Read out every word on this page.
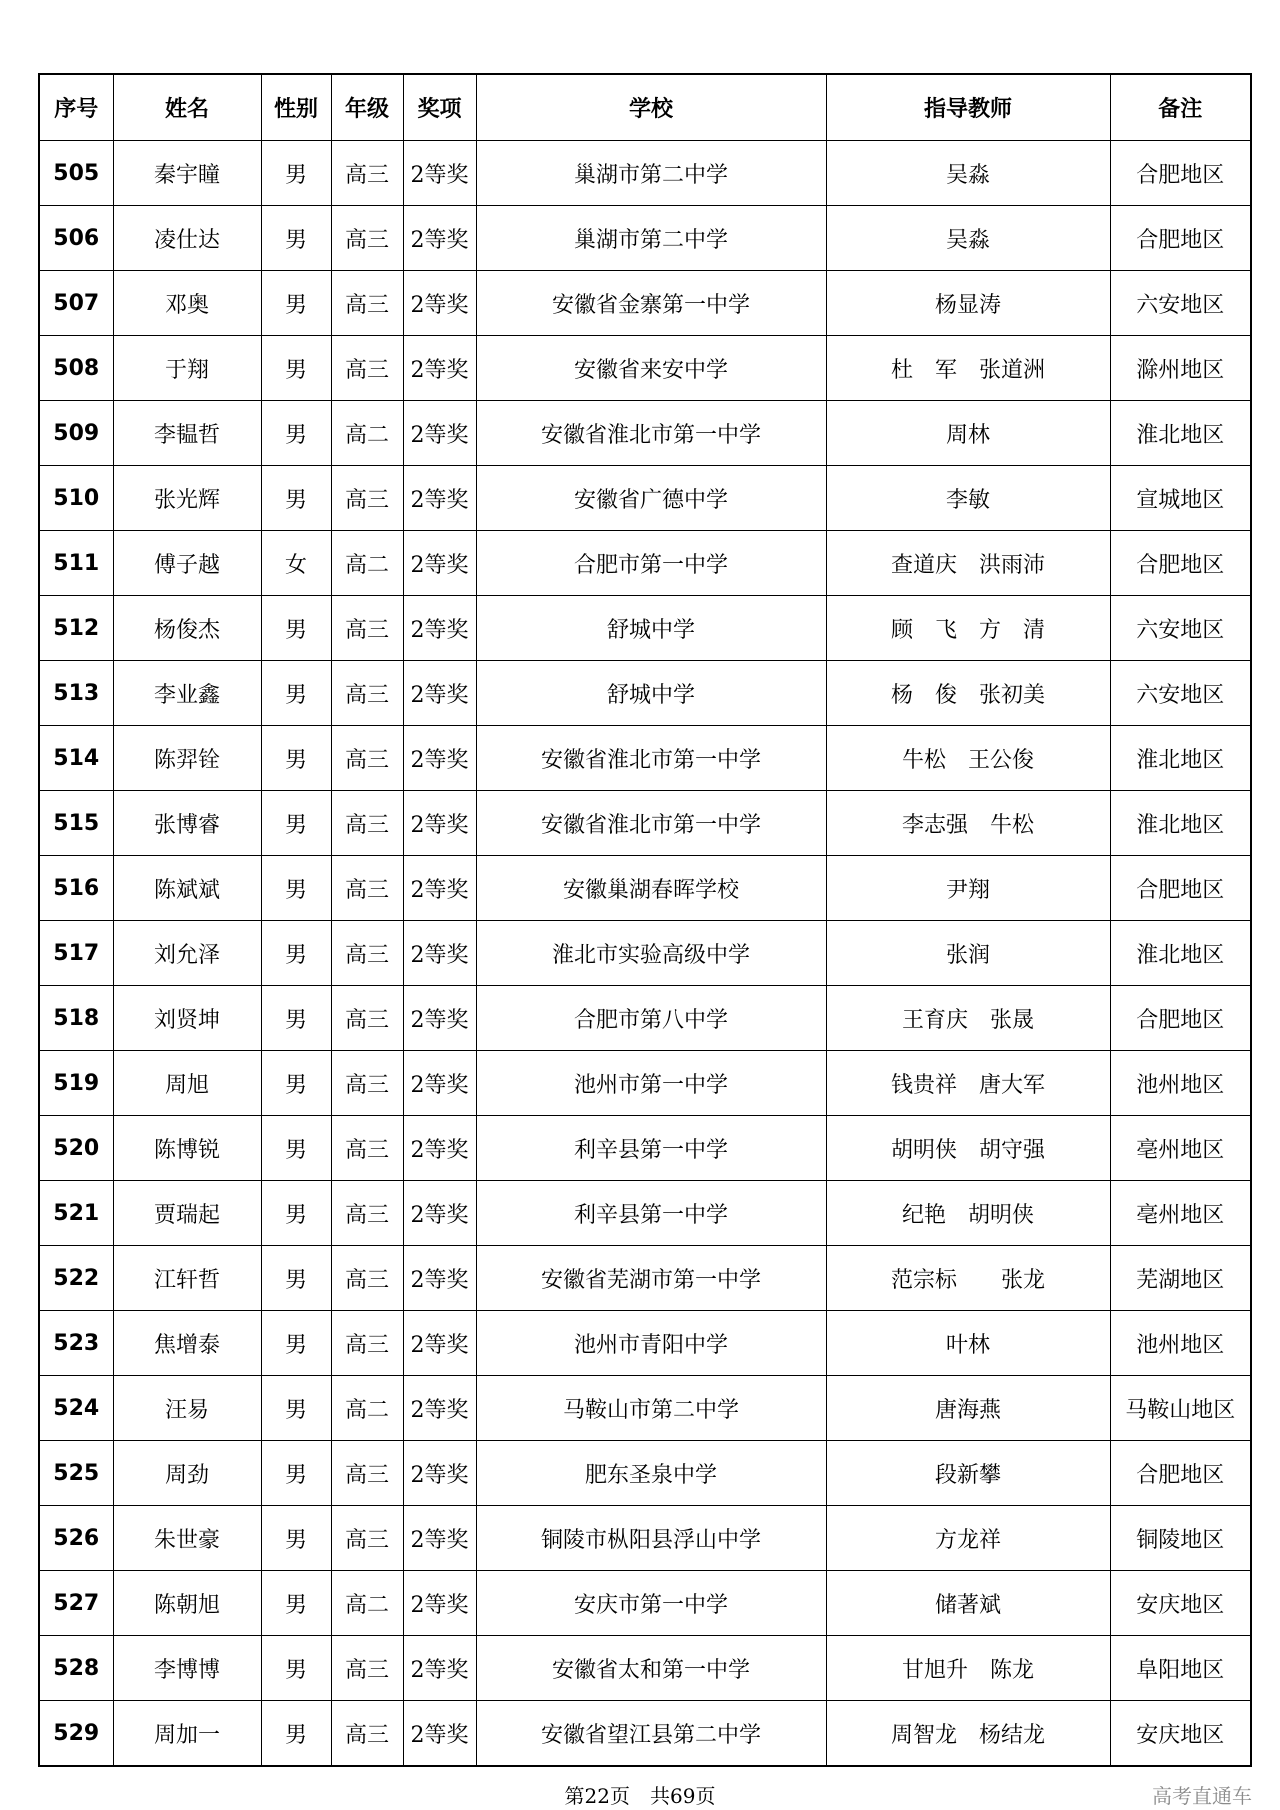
序号	姓名	性别	年级	奖项	学校	指导教师	备注
505	秦宇瞳	男	高三	2等奖	巢湖市第二中学	吴淼	合肥地区
506	凌仕达	男	高三	2等奖	巢湖市第二中学	吴淼	合肥地区
507	邓奥	男	高三	2等奖	安徽省金寨第一中学	杨显涛	六安地区
508	于翔	男	高三	2等奖	安徽省来安中学	杜　军　张道洲	滁州地区
509	李韫哲	男	高二	2等奖	安徽省淮北市第一中学	周林	淮北地区
510	张光辉	男	高三	2等奖	安徽省广德中学	李敏	宣城地区
511	傅子越	女	高二	2等奖	合肥市第一中学	查道庆　洪雨沛	合肥地区
512	杨俊杰	男	高三	2等奖	舒城中学	顾　飞　方　清	六安地区
513	李业鑫	男	高三	2等奖	舒城中学	杨　俊　张初美	六安地区
514	陈羿铨	男	高三	2等奖	安徽省淮北市第一中学	牛松　王公俊	淮北地区
515	张博睿	男	高三	2等奖	安徽省淮北市第一中学	李志强　牛松	淮北地区
516	陈斌斌	男	高三	2等奖	安徽巢湖春晖学校	尹翔	合肥地区
517	刘允泽	男	高三	2等奖	淮北市实验高级中学	张润	淮北地区
518	刘贤坤	男	高三	2等奖	合肥市第八中学	王育庆　张晟	合肥地区
519	周旭	男	高三	2等奖	池州市第一中学	钱贵祥　唐大军	池州地区
520	陈博锐	男	高三	2等奖	利辛县第一中学	胡明侠　胡守强	亳州地区
521	贾瑞起	男	高三	2等奖	利辛县第一中学	纪艳　胡明侠	亳州地区
522	江轩哲	男	高三	2等奖	安徽省芜湖市第一中学	范宗标　　张龙	芜湖地区
523	焦增泰	男	高三	2等奖	池州市青阳中学	叶林	池州地区
524	汪易	男	高二	2等奖	马鞍山市第二中学	唐海燕	马鞍山地区
525	周劲	男	高三	2等奖	肥东圣泉中学	段新攀	合肥地区
526	朱世豪	男	高三	2等奖	铜陵市枞阳县浮山中学	方龙祥	铜陵地区
527	陈朝旭	男	高二	2等奖	安庆市第一中学	储著斌	安庆地区
528	李博博	男	高三	2等奖	安徽省太和第一中学	甘旭升　陈龙	阜阳地区
529	周加一	男	高三	2等奖	安徽省望江县第二中学	周智龙　杨结龙	安庆地区
第22页　共69页	高考直通车
